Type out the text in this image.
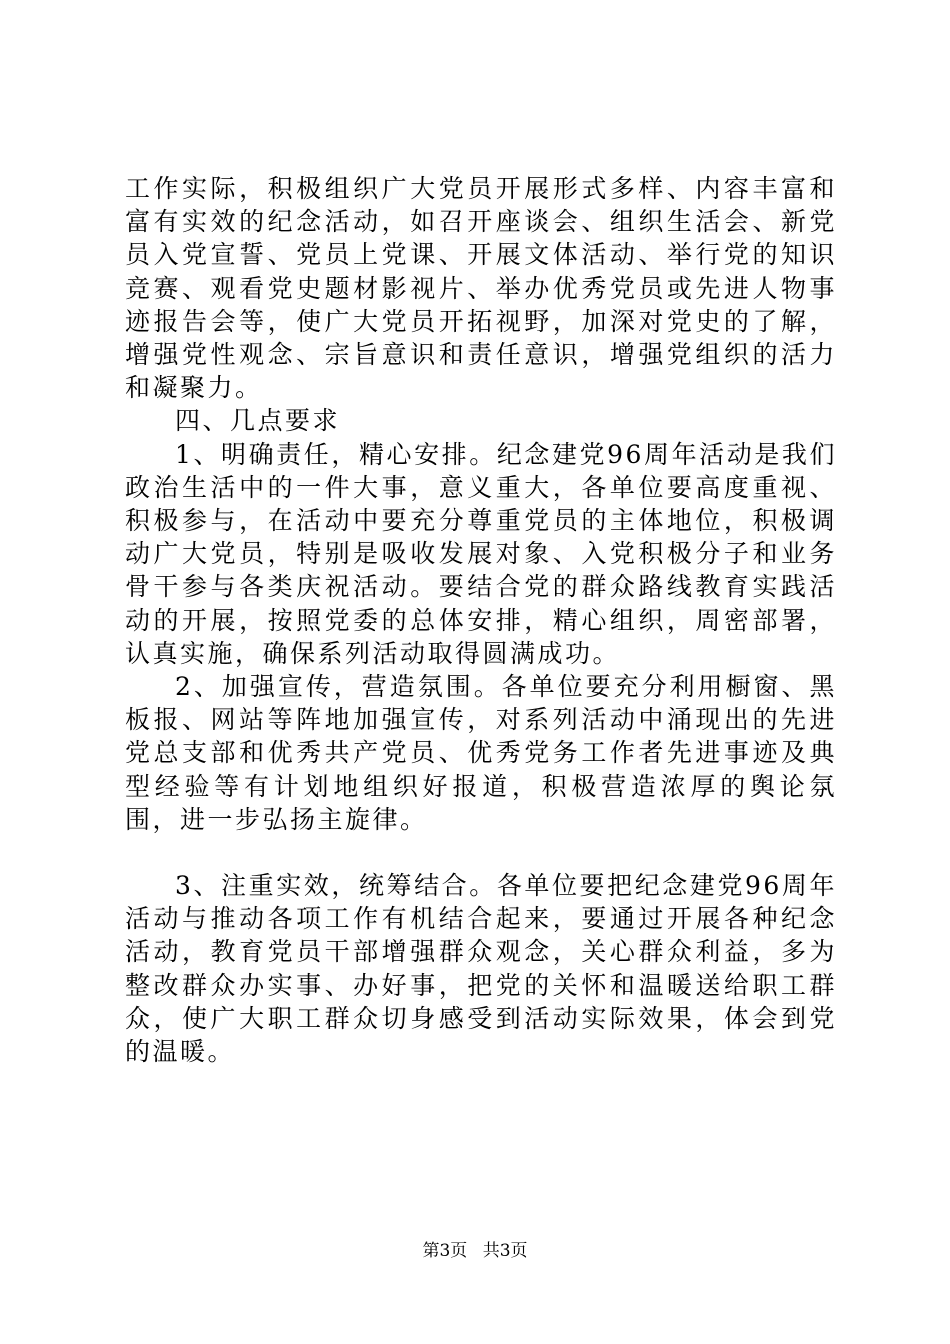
工作实际，积极组织广大党员开展形式多样、内容丰富和富有实效的纪念活动，如召开座谈会、组织生活会、新党员入党宣誓、党员上党课、开展文体活动、举行党的知识竞赛、观看党史题材影视片、举办优秀党员或先进人物事迹报告会等，使广大党员开拓视野，加深对党史的了解，增强党性观念、宗旨意识和责任意识，增强党组织的活力和凝聚力。

四、几点要求

1、明确责任，精心安排。纪念建党96周年活动是我们政治生活中的一件大事，意义重大，各单位要高度重视、积极参与，在活动中要充分尊重党员的主体地位，积极调动广大党员，特别是吸收发展对象、入党积极分子和业务骨干参与各类庆祝活动。要结合党的群众路线教育实践活动的开展，按照党委的总体安排，精心组织，周密部署，认真实施，确保系列活动取得圆满成功。

2、加强宣传，营造氛围。各单位要充分利用橱窗、黑板报、网站等阵地加强宣传，对系列活动中涌现出的先进党总支部和优秀共产党员、优秀党务工作者先进事迹及典型经验等有计划地组织好报道，积极营造浓厚的舆论氛围，进一步弘扬主旋律。

3、注重实效，统筹结合。各单位要把纪念建党96周年活动与推动各项工作有机结合起来，要通过开展各种纪念活动，教育党员干部增强群众观念，关心群众利益，多为整改群众办实事、办好事，把党的关怀和温暖送给职工群众，使广大职工群众切身感受到活动实际效果，体会到党的温暖。

第3页 共3页
